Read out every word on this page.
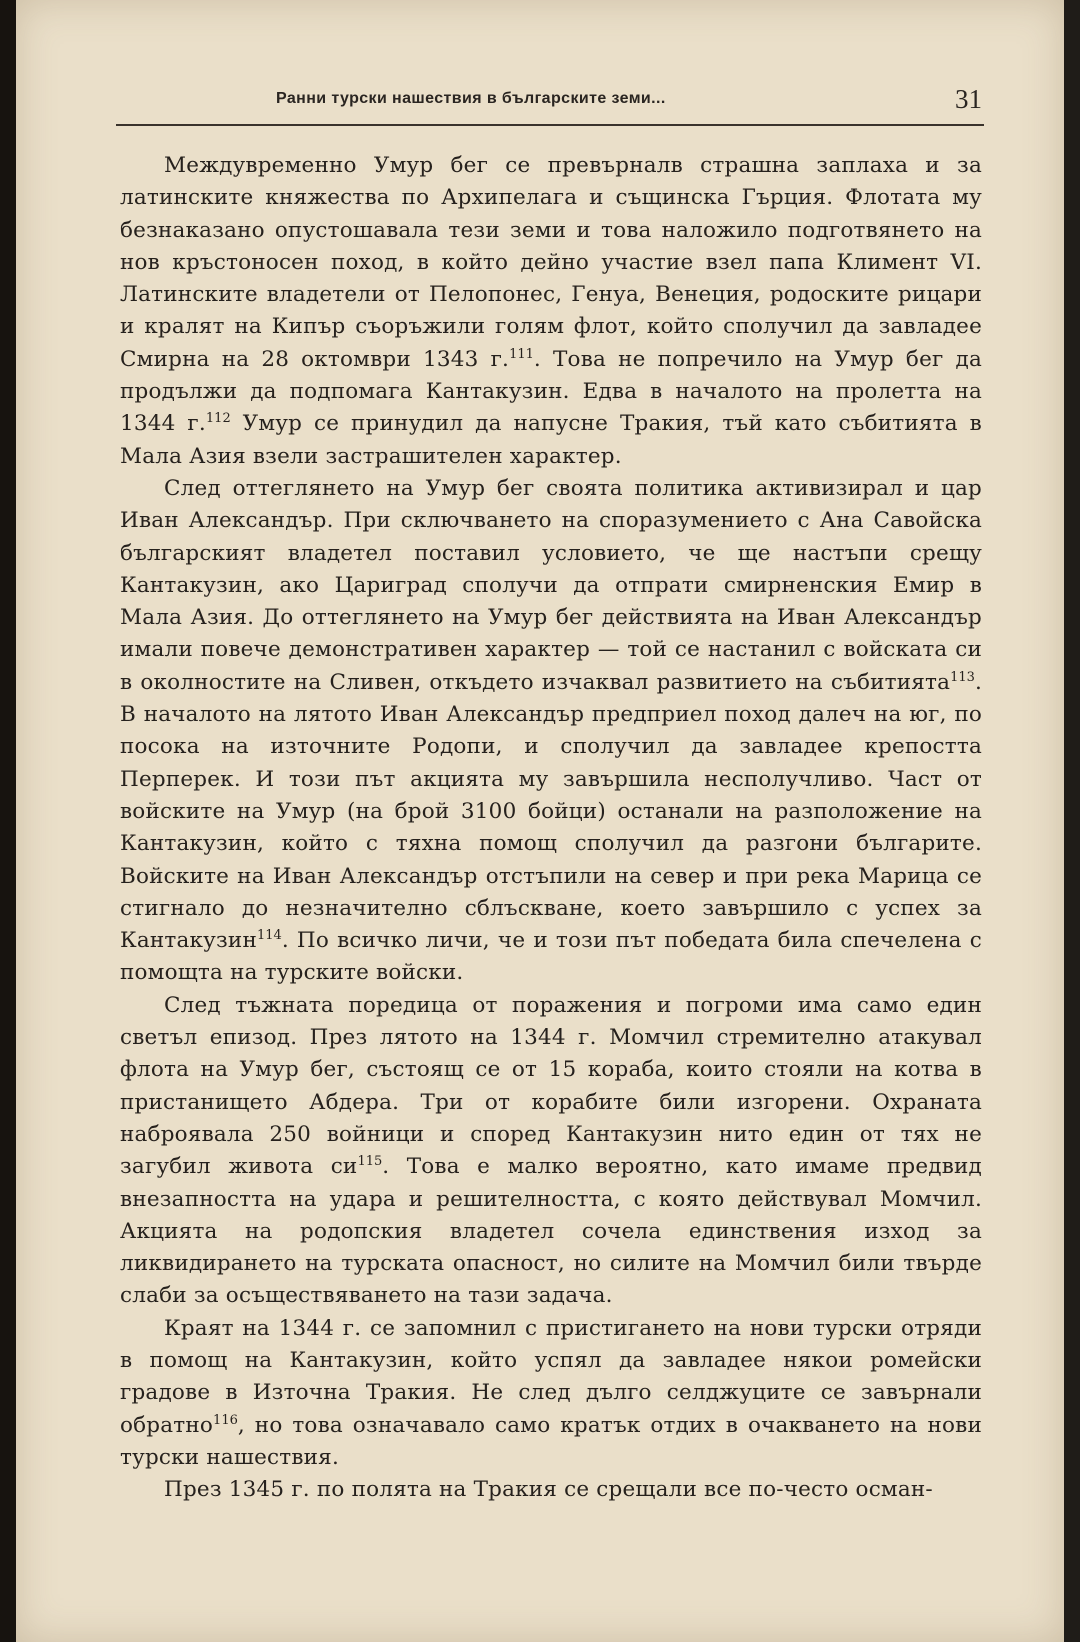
Ранни турски нашествия в българските земи...	31

Междувременно Умур бег се превърналв страшна заплаха и за латинските княжества по Архипелага и същинска Гърция. Флотата му безнаказано опустошавала тези земи и това наложило подготвянето на нов кръстоносен поход, в който дейно участие взел папа Климент VI. Латинските владетели от Пелопонес, Генуа, Венеция, родоските рицари и кралят на Кипър съоръжили голям флот, който сполучил да завладее Смирна на 28 октомври 1343 г.$^{111}$. Това не попречило на Умур бег да продължи да подпомага Кантакузин. Едва в началото на пролетта на 1344 г.$^{112}$ Умур се принудил да напусне Тракия, тъй като събитията в Мала Азия взели застрашителен характер.

След оттеглянето на Умур бег своята политика активизирал и цар Иван Александър. При сключването на споразумението с Ана Савойска българският владетел поставил условието, че ще настъпи срещу Кантакузин, ако Цариград сполучи да отпрати смирненския Емир в Мала Азия. До оттеглянето на Умур бег действията на Иван Александър имали повече демонстративен характер — той се настанил с войската си в околностите на Сливен, откъдето изчаквал развитието на събитията$^{113}$. В началото на лятото Иван Александър предприел поход далеч на юг, по посока на източните Родопи, и сполучил да завладее крепостта Перперек. И този път акцията му завършила несполучливо. Част от войските на Умур (на брой 3100 бойци) останали на разположение на Кантакузин, който с тяхна помощ сполучил да разгони българите. Войските на Иван Александър отстъпили на север и при река Марица се стигнало до незначително сблъскване, което завършило с успех за Кантакузин$^{114}$. По всичко личи, че и този път победата била спечелена с помощта на турските войски.

След тъжната поредица от поражения и погроми има само един светъл епизод. През лятото на 1344 г. Момчил стремително атакувал флота на Умур бег, състоящ се от 15 кораба, които стояли на котва в пристанището Абдера. Три от корабите били изгорени. Охраната наброявала 250 войници и според Кантакузин нито един от тях не загубил живота си$^{115}$. Това е малко вероятно, като имаме предвид внезапността на удара и решителността, с която действувал Момчил. Акцията на родопския владетел сочела единствения изход за ликвидирането на турската опасност, но силите на Момчил били твърде слаби за осъществяването на тази задача.

Краят на 1344 г. се запомнил с пристигането на нови турски отряди в помощ на Кантакузин, който успял да завладее някои ромейски градове в Източна Тракия. Не след дълго селджуците се завърнали обратно$^{116}$, но това означавало само кратък отдих в очакването на нови турски нашествия.

През 1345 г. по полята на Тракия се срещали все по-често осман-
